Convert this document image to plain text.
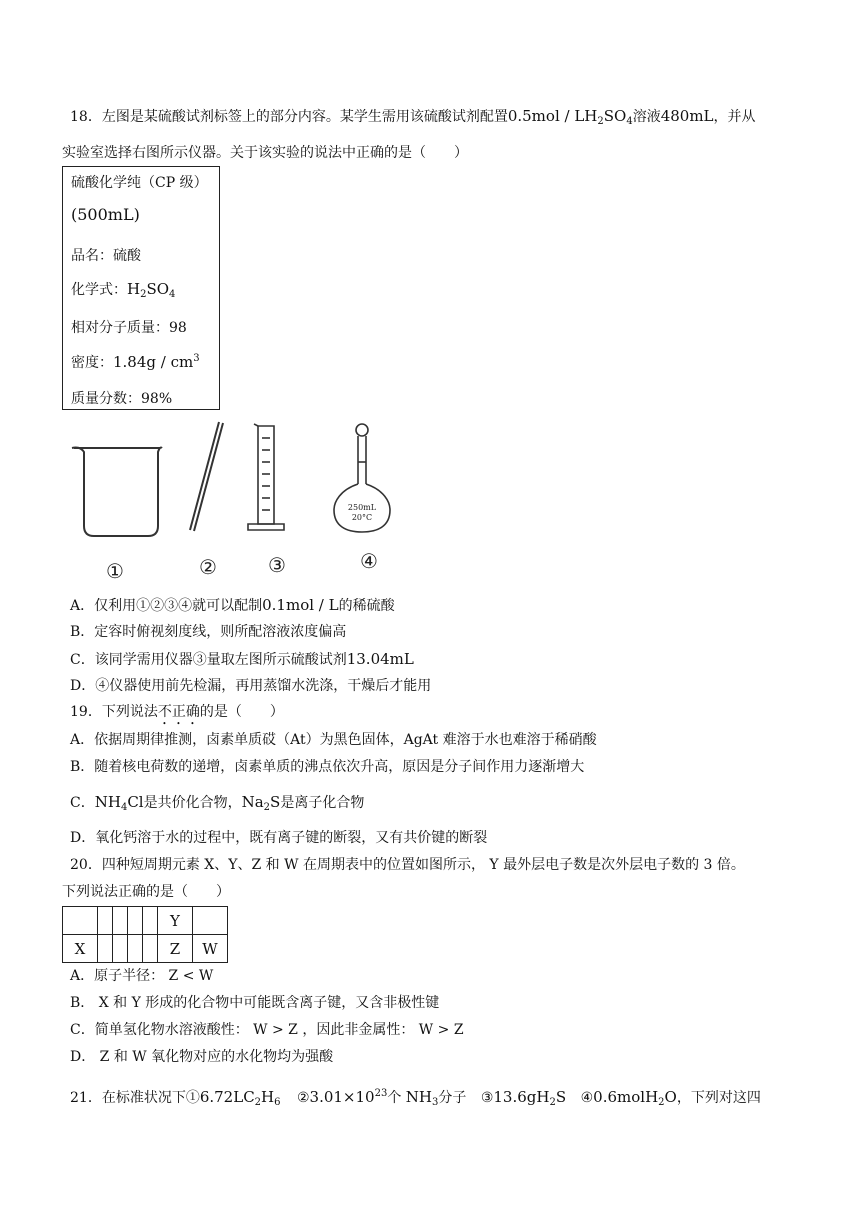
18．左图是某硫酸试剂标签上的部分内容。某学生需用该硫酸试剂配置$0.5mol / LH_2SO_4$溶液480mL，并从
实验室选择右图所示仪器。关于该实验的说法中正确的是（　　）
硫酸化学纯（CP 级）
(500mL)
品名：硫酸
化学式：$H_2SO_4$
相对分子质量：98
密度：$1.84g / cm^3$
质量分数：98%
250mL
20°C
①	②	③	④
A．仅利用①②③④就可以配制0.1mol / L的稀硫酸
B．定容时俯视刻度线，则所配溶液浓度偏高
C．该同学需用仪器③量取左图所示硫酸试剂13.04mL
D．④仪器使用前先检漏，再用蒸馏水洗涤，干燥后才能用
19．下列说法不正确的是（　　）
A．依据周期律推测，卤素单质砹（At）为黑色固体，AgAt 难溶于水也难溶于稀硝酸
B．随着核电荷数的递增，卤素单质的沸点依次升高，原因是分子间作用力逐渐增大
C．$NH_4Cl$是共价化合物，$Na_2S$是离子化合物
D．氧化钙溶于水的过程中，既有离子键的断裂，又有共价键的断裂
20．四种短周期元素 X、Y、Z 和 W 在周期表中的位置如图所示， Y 最外层电子数是次外层电子数的 3 倍。
下列说法正确的是（　　）
					Y	
X					Z	W
A．原子半径： Z < W
B． X 和 Y 形成的化合物中可能既含离子键，又含非极性键
C．简单氢化物水溶液酸性： W > Z ，因此非金属性： W > Z
D． Z 和 W 氧化物对应的水化物均为强酸
21．在标准状况下$①6.72LC_2H_6$ $②3.01\times 10^{23}$个 $NH_3$分子 $③13.6gH_2S$ ④0.6molH$_2$O，下列对这四
